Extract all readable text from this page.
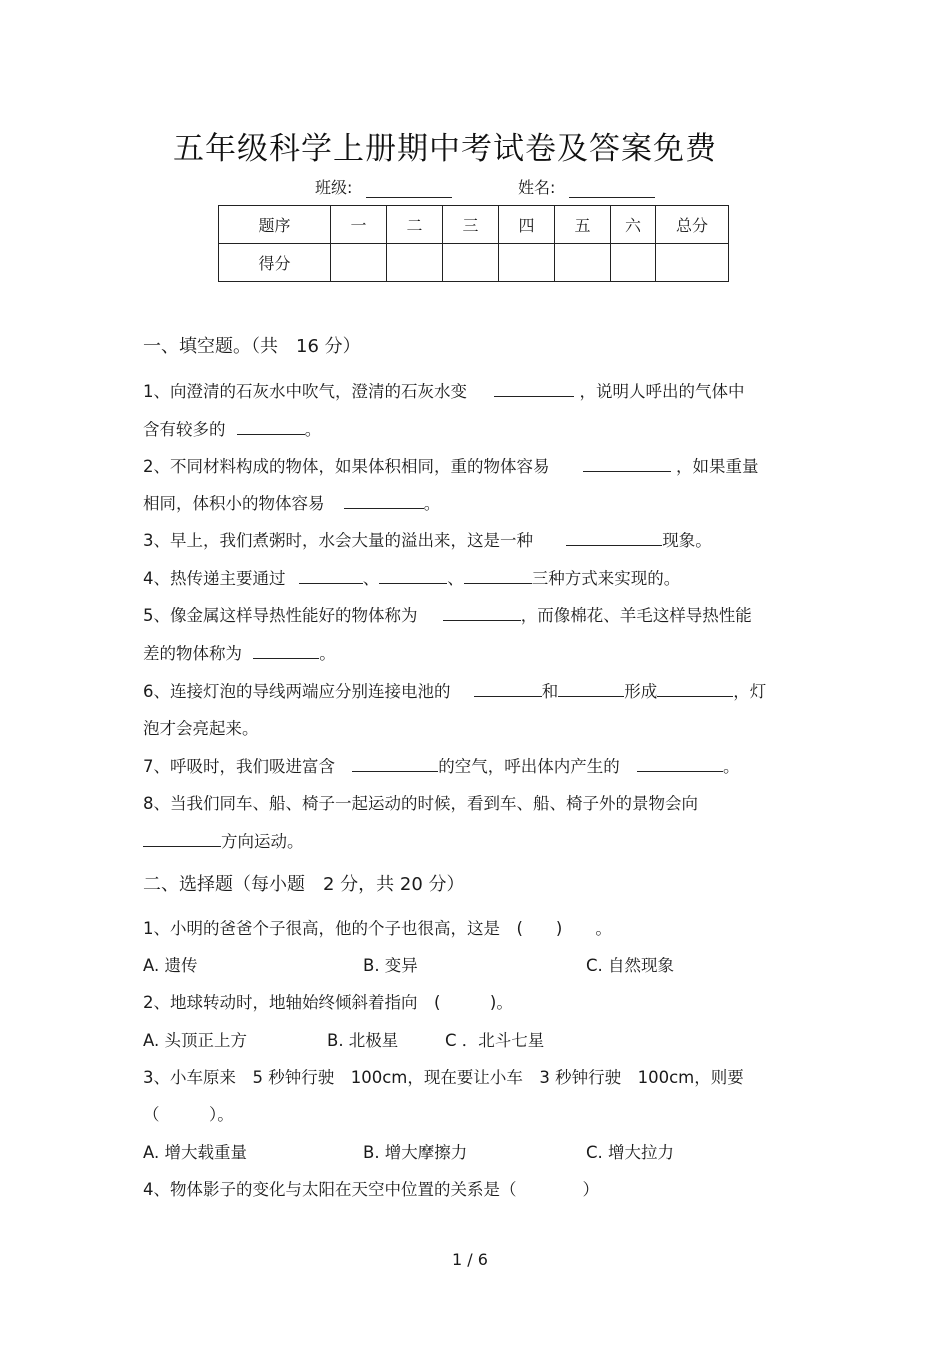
五年级科学上册期中考试卷及答案免费
班级:	姓名:
题序	一	二	三	四	五	六	总分
得分							
一、填空题。（共　16 分）
1、向澄清的石灰水中吹气，澄清的石灰水变	，说明人呼出的气体中
含有较多的	。
2、不同材料构成的物体，如果体积相同，重的物体容易	，如果重量
相同，体积小的物体容易	。
3、早上，我们煮粥时，水会大量的溢出来，这是一种	现象。
4、热传递主要通过	、	、	三种方式来实现的。
5、像金属这样导热性能好的物体称为	，而像棉花、羊毛这样导热性能
差的物体称为	。
6、连接灯泡的导线两端应分别连接电池的	和	形成	，灯
泡才会亮起来。
7、呼吸时，我们吸进富含	的空气，呼出体内产生的	。
8、当我们同车、船、椅子一起运动的时候，看到车、船、椅子外的景物会向
方向运动。
二、选择题（每小题　2 分，共 20 分）
1、小明的爸爸个子很高，他的个子也很高，这是　(　　)　　。
A. 遗传	B. 变异	C. 自然现象
2、地球转动时，地轴始终倾斜着指向　(　　　)。
A. 头顶正上方	B. 北极星	C ．北斗七星
3、小车原来　5 秒钟行驶　100cm，现在要让小车　3 秒钟行驶　100cm，则要
（　　　）。
A. 增大载重量	B. 增大摩擦力	C. 增大拉力
4、物体影子的变化与太阳在天空中位置的关系是（　　　　）
1 / 6
